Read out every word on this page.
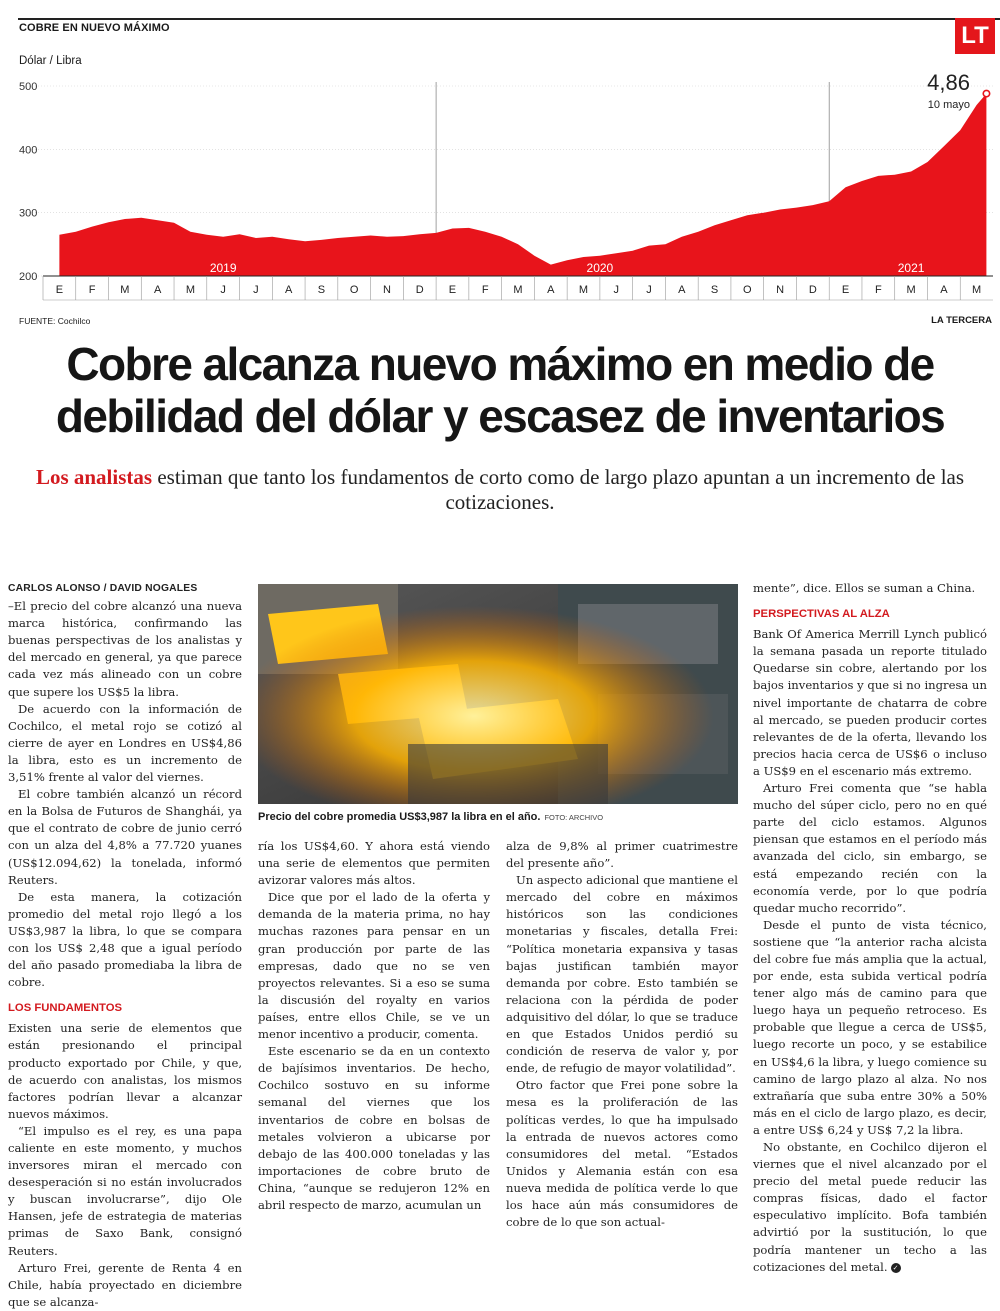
COBRE EN NUEVO MÁXIMO	LT
Dólar / Libra
200
300
400
500
E F M A M J J A S O N D E F M A M J J A S O N D E F M A M
2019	2020	2021
4,86
10 mayo
FUENTE: Cochilco	LA TERCERA
Cobre alcanza nuevo máximo en medio de debilidad del dólar y escasez de inventarios
Los analistas estiman que tanto los fundamentos de corto como de largo plazo apuntan a un incremento de las cotizaciones.
CARLOS ALONSO / DAVID NOGALES

–El precio del cobre alcanzó una nueva marca histórica, confirmando las buenas perspectivas de los analistas y del mercado en general, ya que parece cada vez más alineado con un cobre que supere los US$5 la libra.

De acuerdo con la información de Cochilco, el metal rojo se cotizó al cierre de ayer en Londres en US$4,86 la libra, esto es un incremento de 3,51% frente al valor del viernes.

El cobre también alcanzó un récord en la Bolsa de Futuros de Shanghái, ya que el contrato de cobre de junio cerró con un alza del 4,8% a 77.720 yuanes (US$12.094,62) la tonelada, informó Reuters.

De esta manera, la cotización promedio del metal rojo llegó a los US$3,987 la libra, lo que se compara con los US$ 2,48 que a igual período del año pasado promediaba la libra de cobre.

LOS FUNDAMENTOS

Existen una serie de elementos que están presionando el principal producto exportado por Chile, y que, de acuerdo con analistas, los mismos factores podrían llevar a alcanzar nuevos máximos.

“El impulso es el rey, es una papa caliente en este momento, y muchos inversores miran el mercado con desesperación si no están involucrados y buscan involucrarse”, dijo Ole Hansen, jefe de estrategia de materias primas de Saxo Bank, consignó Reuters.

Arturo Frei, gerente de Renta 4 en Chile, había proyectado en diciembre que se alcanza-

Precio del cobre promedia US$3,987 la libra en el año. FOTO: ARCHIVO

ría los US$4,60. Y ahora está viendo una serie de elementos que permiten avizorar valores más altos.

Dice que por el lado de la oferta y demanda de la materia prima, no hay muchas razones para pensar en un gran producción por parte de las empresas, dado que no se ven proyectos relevantes. Si a eso se suma la discusión del royalty en varios países, entre ellos Chile, se ve un menor incentivo a producir, comenta.

Este escenario se da en un contexto de bajísimos inventarios. De hecho, Cochilco sostuvo en su informe semanal del viernes que los inventarios de cobre en bolsas de metales volvieron a ubicarse por debajo de las 400.000 toneladas y las importaciones de cobre bruto de China, “aunque se redujeron 12% en abril respecto de marzo, acumulan un

alza de 9,8% al primer cuatrimestre del presente año”.

Un aspecto adicional que mantiene el mercado del cobre en máximos históricos son las condiciones monetarias y fiscales, detalla Frei: “Política monetaria expansiva y tasas bajas justifican también mayor demanda por cobre. Esto también se relaciona con la pérdida de poder adquisitivo del dólar, lo que se traduce en que Estados Unidos perdió su condición de reserva de valor y, por ende, de refugio de mayor volatilidad”.

Otro factor que Frei pone sobre la mesa es la proliferación de las políticas verdes, lo que ha impulsado la entrada de nuevos actores como consumidores del metal. “Estados Unidos y Alemania están con esa nueva medida de política verde lo que los hace aún más consumidores de cobre de lo que son actual-

mente”, dice. Ellos se suman a China.

PERSPECTIVAS AL ALZA

Bank Of America Merrill Lynch publicó la semana pasada un reporte titulado Quedarse sin cobre, alertando por los bajos inventarios y que si no ingresa un nivel importante de chatarra de cobre al mercado, se pueden producir cortes relevantes de de la oferta, llevando los precios hacia cerca de US$6 o incluso a US$9 en el escenario más extremo.

Arturo Frei comenta que “se habla mucho del súper ciclo, pero no en qué parte del ciclo estamos. Algunos piensan que estamos en el período más avanzada del ciclo, sin embargo, se está empezando recién con la economía verde, por lo que podría quedar mucho recorrido”.

Desde el punto de vista técnico, sostiene que “la anterior racha alcista del cobre fue más amplia que la actual, por ende, esta subida vertical podría tener algo más de camino para que luego haya un pequeño retroceso. Es probable que llegue a cerca de US$5, luego recorte un poco, y se estabilice en US$4,6 la libra, y luego comience su camino de largo plazo al alza. No nos extrañaría que suba entre 30% a 50% más en el ciclo de largo plazo, es decir, a entre US$ 6,24 y US$ 7,2 la libra.

No obstante, en Cochilco dijeron el viernes que el nivel alcanzado por el precio del metal puede reducir las compras físicas, dado el factor especulativo implícito. Bofa también advirtió por la sustitución, lo que podría mantener un techo a las cotizaciones del metal. ✓
